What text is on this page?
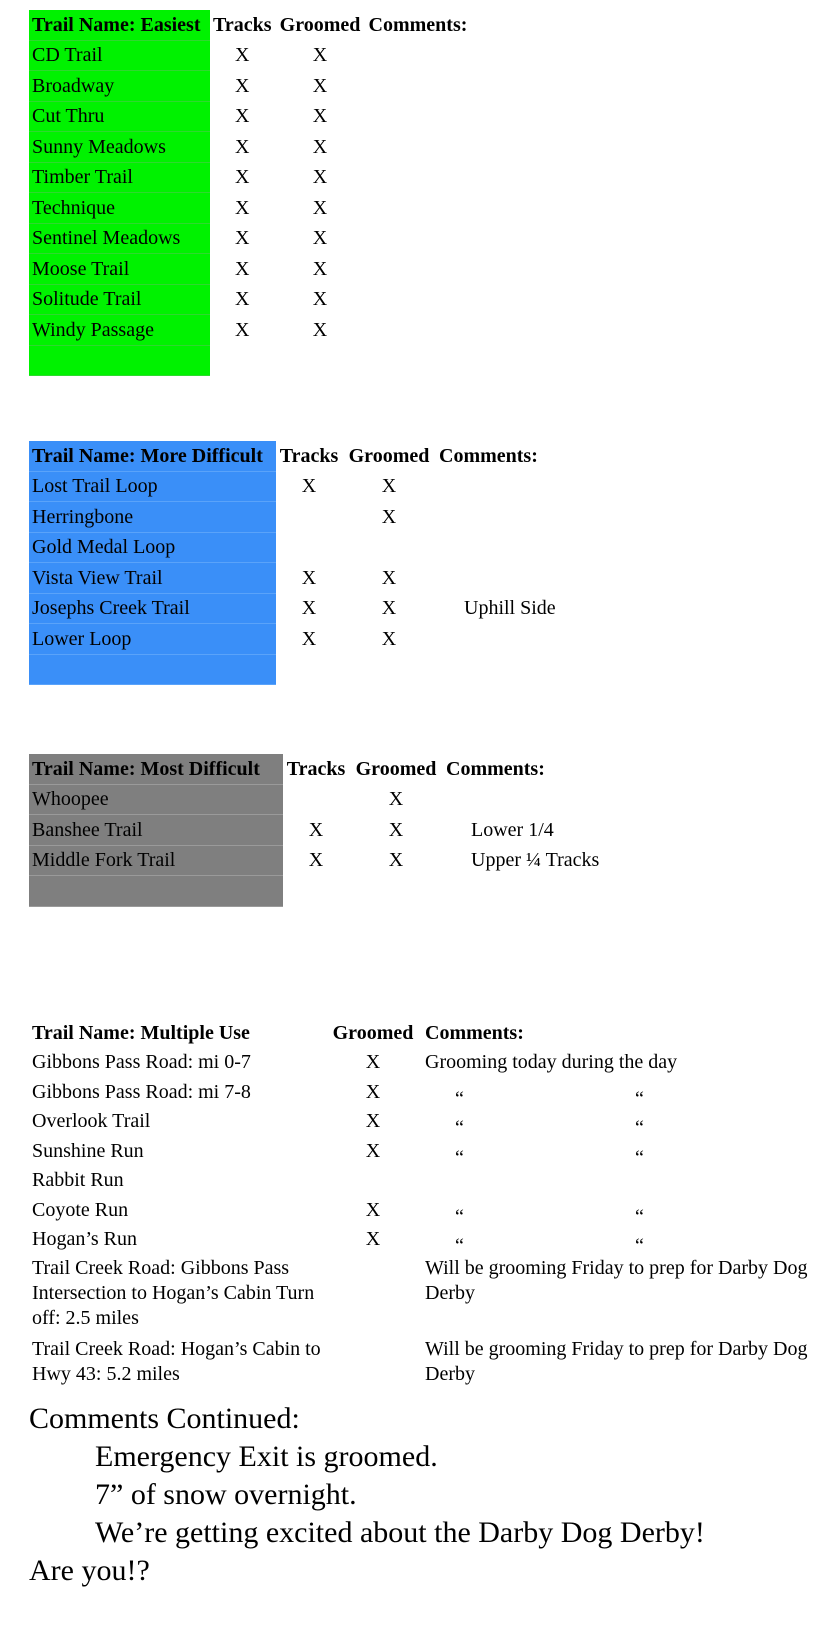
Trail Name: Easiest	Tracks	Groomed	Comments:
CD Trail	X	X	
Broadway	X	X	
Cut Thru	X	X	
Sunny Meadows	X	X	
Timber Trail	X	X	
Technique	X	X	
Sentinel Meadows	X	X	
Moose Trail	X	X	
Solitude Trail	X	X	
Windy Passage	X	X	

Trail Name: More Difficult	Tracks	Groomed	Comments:
Lost Trail Loop	X	X	
Herringbone		X	
Gold Medal Loop			
Vista View Trail	X	X	
Josephs Creek Trail	X	X	Uphill Side
Lower Loop	X	X	

Trail Name: Most Difficult	Tracks	Groomed	Comments:
Whoopee		X	
Banshee Trail	X	X	Lower 1/4
Middle Fork Trail	X	X	Upper ¼ Tracks

Trail Name: Multiple Use	Groomed	Comments:
Gibbons Pass Road: mi 0-7	X	Grooming today during the day
Gibbons Pass Road: mi 7-8	X	“ “

Overlook Trail	X	“ “

Sunshine Run	X	“ “

Rabbit Run		
Coyote Run	X	“ “

Hogan’s Run	X	“ “

Trail Creek Road: Gibbons Pass Intersection to Hogan’s Cabin Turn off: 2.5 miles		Will be grooming Friday to prep for Darby Dog Derby
Trail Creek Road: Hogan’s Cabin to Hwy 43: 5.2 miles		Will be grooming Friday to prep for Darby Dog Derby
Comments Continued:
Emergency Exit is groomed.
7” of snow overnight.
We’re getting excited about the Darby Dog Derby!
Are you!?
